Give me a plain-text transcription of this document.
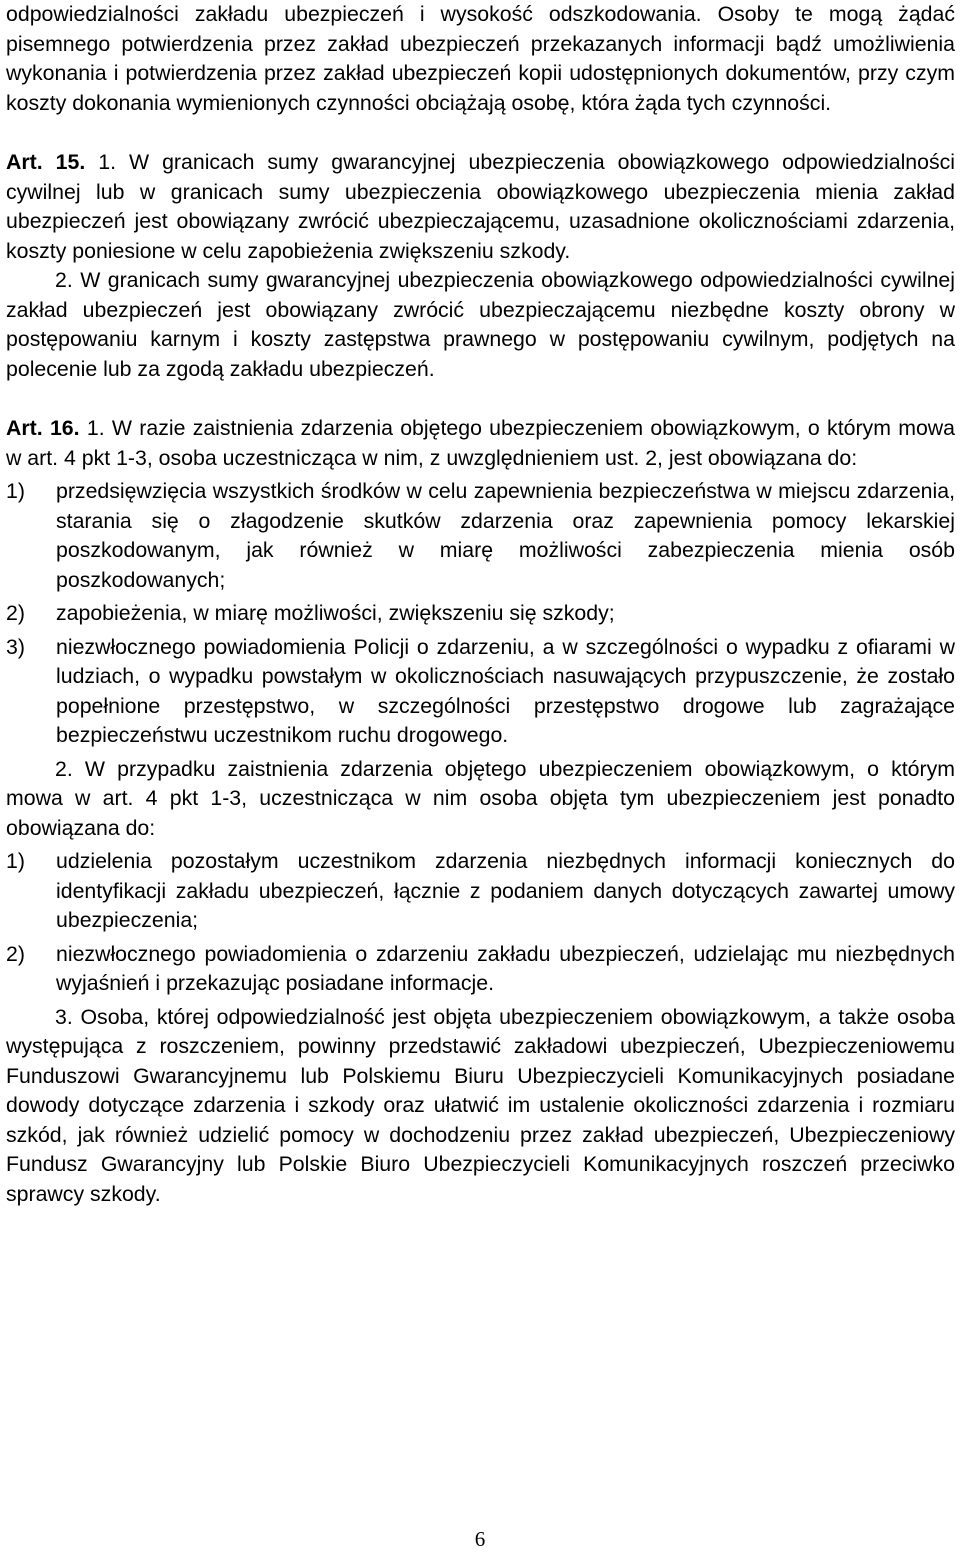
odpowiedzialności zakładu ubezpieczeń i wysokość odszkodowania. Osoby te mogą żądać pisemnego potwierdzenia przez zakład ubezpieczeń przekazanych informacji bądź umożliwienia wykonania i potwierdzenia przez zakład ubezpieczeń kopii udostępnionych dokumentów, przy czym koszty dokonania wymienionych czynności obciążają osobę, która żąda tych czynności.

Art. 15. 1. W granicach sumy gwarancyjnej ubezpieczenia obowiązkowego odpowiedzialności cywilnej lub w granicach sumy ubezpieczenia obowiązkowego ubezpieczenia mienia zakład ubezpieczeń jest obowiązany zwrócić ubezpieczającemu, uzasadnione okolicznościami zdarzenia, koszty poniesione w celu zapobieżenia zwiększeniu szkody.

2. W granicach sumy gwarancyjnej ubezpieczenia obowiązkowego odpowiedzialności cywilnej zakład ubezpieczeń jest obowiązany zwrócić ubezpieczającemu niezbędne koszty obrony w postępowaniu karnym i koszty zastępstwa prawnego w postępowaniu cywilnym, podjętych na polecenie lub za zgodą zakładu ubezpieczeń.

Art. 16. 1. W razie zaistnienia zdarzenia objętego ubezpieczeniem obowiązkowym, o którym mowa w art. 4 pkt 1-3, osoba uczestnicząca w nim, z uwzględnieniem ust. 2, jest obowiązana do:

1) przedsięwzięcia wszystkich środków w celu zapewnienia bezpieczeństwa w miejscu zdarzenia, starania się o złagodzenie skutków zdarzenia oraz zapewnienia pomocy lekarskiej poszkodowanym, jak również w miarę możliwości zabezpieczenia mienia osób poszkodowanych;
2) zapobieżenia, w miarę możliwości, zwiększeniu się szkody;
3) niezwłocznego powiadomienia Policji o zdarzeniu, a w szczególności o wypadku z ofiarami w ludziach, o wypadku powstałym w okolicznościach nasuwających przypuszczenie, że zostało popełnione przestępstwo, w szczególności przestępstwo drogowe lub zagrażające bezpieczeństwu uczestnikom ruchu drogowego.

2. W przypadku zaistnienia zdarzenia objętego ubezpieczeniem obowiązkowym, o którym mowa w art. 4 pkt 1-3, uczestnicząca w nim osoba objęta tym ubezpieczeniem jest ponadto obowiązana do:

1) udzielenia pozostałym uczestnikom zdarzenia niezbędnych informacji koniecznych do identyfikacji zakładu ubezpieczeń, łącznie z podaniem danych dotyczących zawartej umowy ubezpieczenia;
2) niezwłocznego powiadomienia o zdarzeniu zakładu ubezpieczeń, udzielając mu niezbędnych wyjaśnień i przekazując posiadane informacje.

3. Osoba, której odpowiedzialność jest objęta ubezpieczeniem obowiązkowym, a także osoba występująca z roszczeniem, powinny przedstawić zakładowi ubezpieczeń, Ubezpieczeniowemu Funduszowi Gwarancyjnemu lub Polskiemu Biuru Ubezpieczycieli Komunikacyjnych posiadane dowody dotyczące zdarzenia i szkody oraz ułatwić im ustalenie okoliczności zdarzenia i rozmiaru szkód, jak również udzielić pomocy w dochodzeniu przez zakład ubezpieczeń, Ubezpieczeniowy Fundusz Gwarancyjny lub Polskie Biuro Ubezpieczycieli Komunikacyjnych roszczeń przeciwko sprawcy szkody.

6
